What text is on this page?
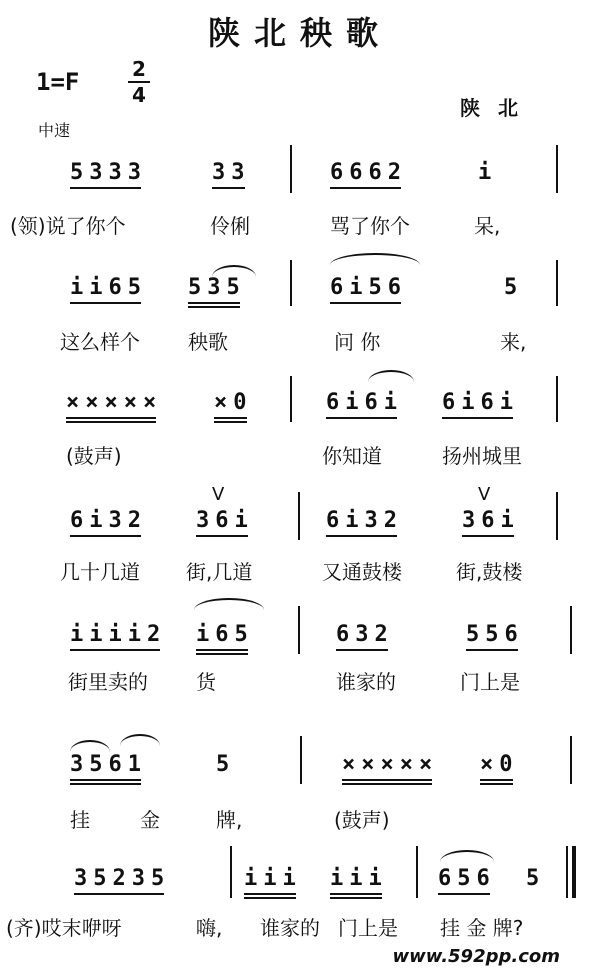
陕北秧歌
1=F	2
4
陕北
中速
5333	33	6662	i
(领)说了你个	伶俐	骂了你个	呆,
ii65 535	6i56	5
这么样个 秧歌	问 你	来,
××××× ×0	6i6i 6i6i
(鼓声)	你知道	扬州城里
V	V
6i32 36i	6i32	36i
几十几道 街,几道	又通鼓楼	街,鼓楼
iiii2 i65	632	556
街里卖的 货	谁家的	门上是
3561	5	××××× ×0
挂	金	牌,	(鼓声)
35235	iii iii 656 5
(齐)哎末咿呀	嗨, 谁家的 门上是 挂 金 牌?
www.592pp.com
